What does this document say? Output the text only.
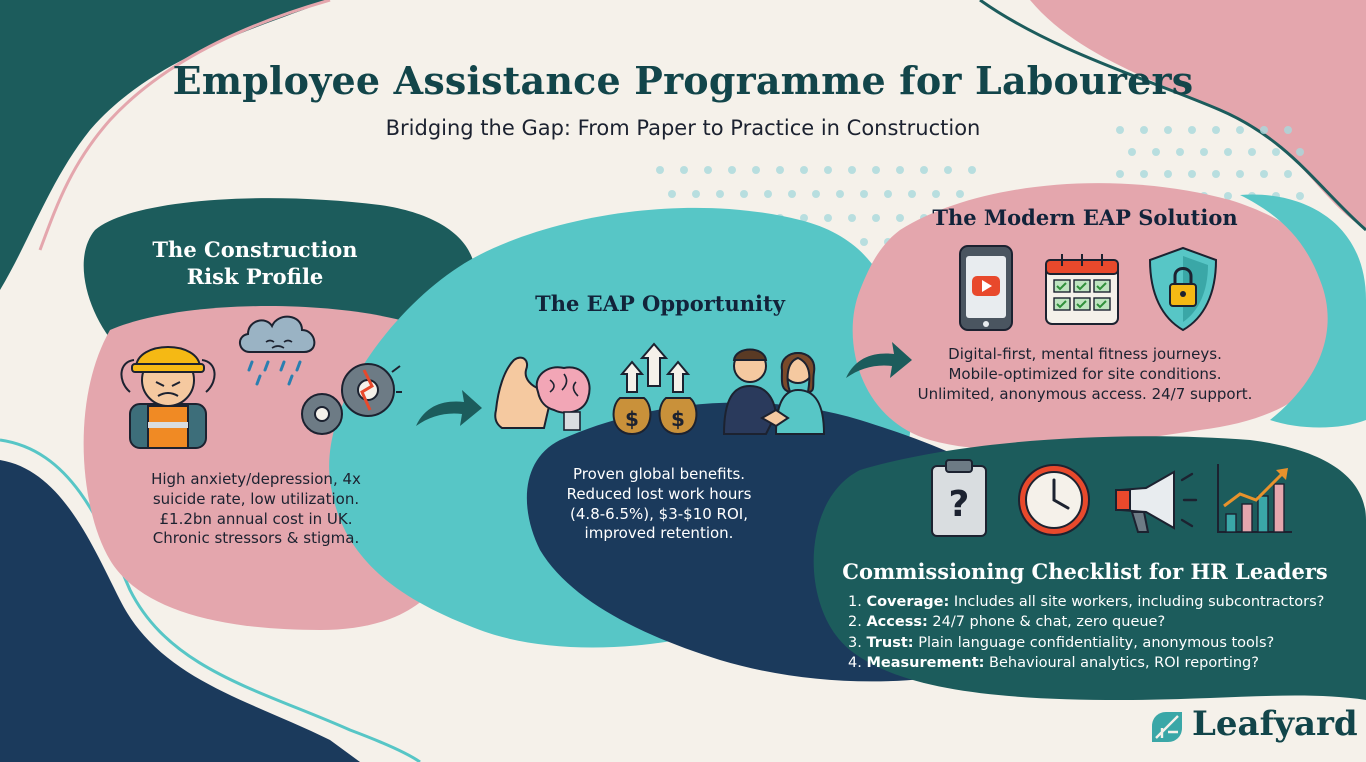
Employee Assistance Programme for Labourers
Bridging the Gap: From Paper to Practice in Construction
The Construction
Risk Profile
High anxiety/depression, 4x
suicide rate, low utilization.
£1.2bn annual cost in UK.
Chronic stressors & stigma.
The EAP Opportunity
$ $
Proven global benefits.
Reduced lost work hours
(4.8-6.5%), $3-$10 ROI,
improved retention.
The Modern EAP Solution
Digital-first, mental fitness journeys.
Mobile-optimized for site conditions.
Unlimited, anonymous access. 24/7 support.
?
Commissioning Checklist for HR Leaders
1. Coverage: Includes all site workers, including subcontractors?
2. Access: 24/7 phone & chat, zero queue?
3. Trust: Plain language confidentiality, anonymous tools?
4. Measurement: Behavioural analytics, ROI reporting?
Leafyard
